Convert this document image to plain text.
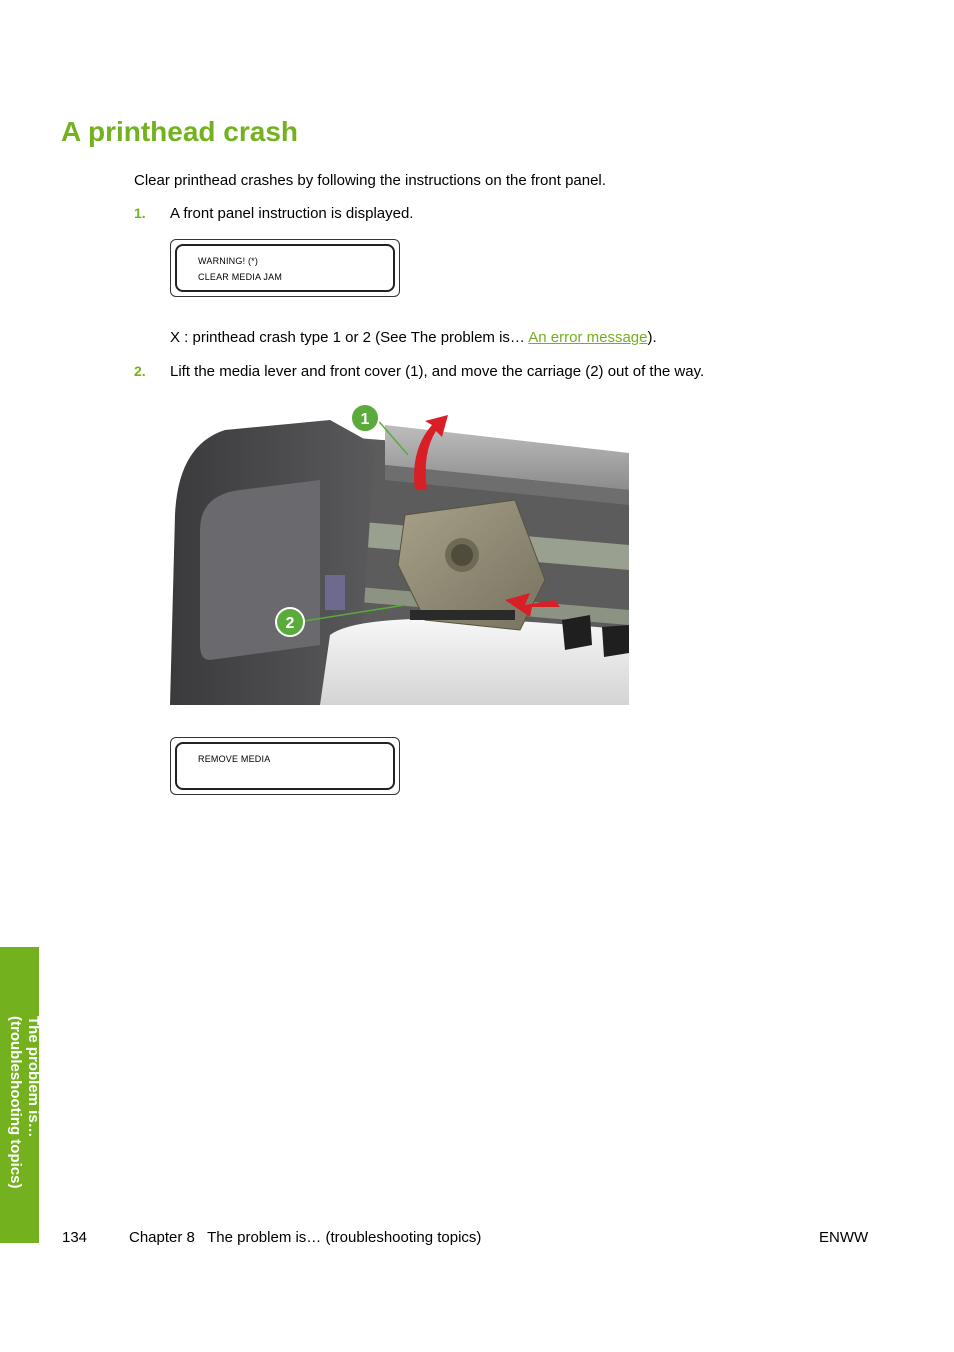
A printhead crash

Clear printhead crashes by following the instructions on the front panel.

1. A front panel instruction is displayed.

WARNING! (*)
CLEAR MEDIA JAM

X : printhead crash type 1 or 2 (See The problem is… An error message).

2. Lift the media lever and front cover (1), and move the carriage (2) out of the way.

1
2
REMOVE MEDIA
The problem is…
(troubleshooting topics)
134	Chapter 8   The problem is… (troubleshooting topics)	ENWW
